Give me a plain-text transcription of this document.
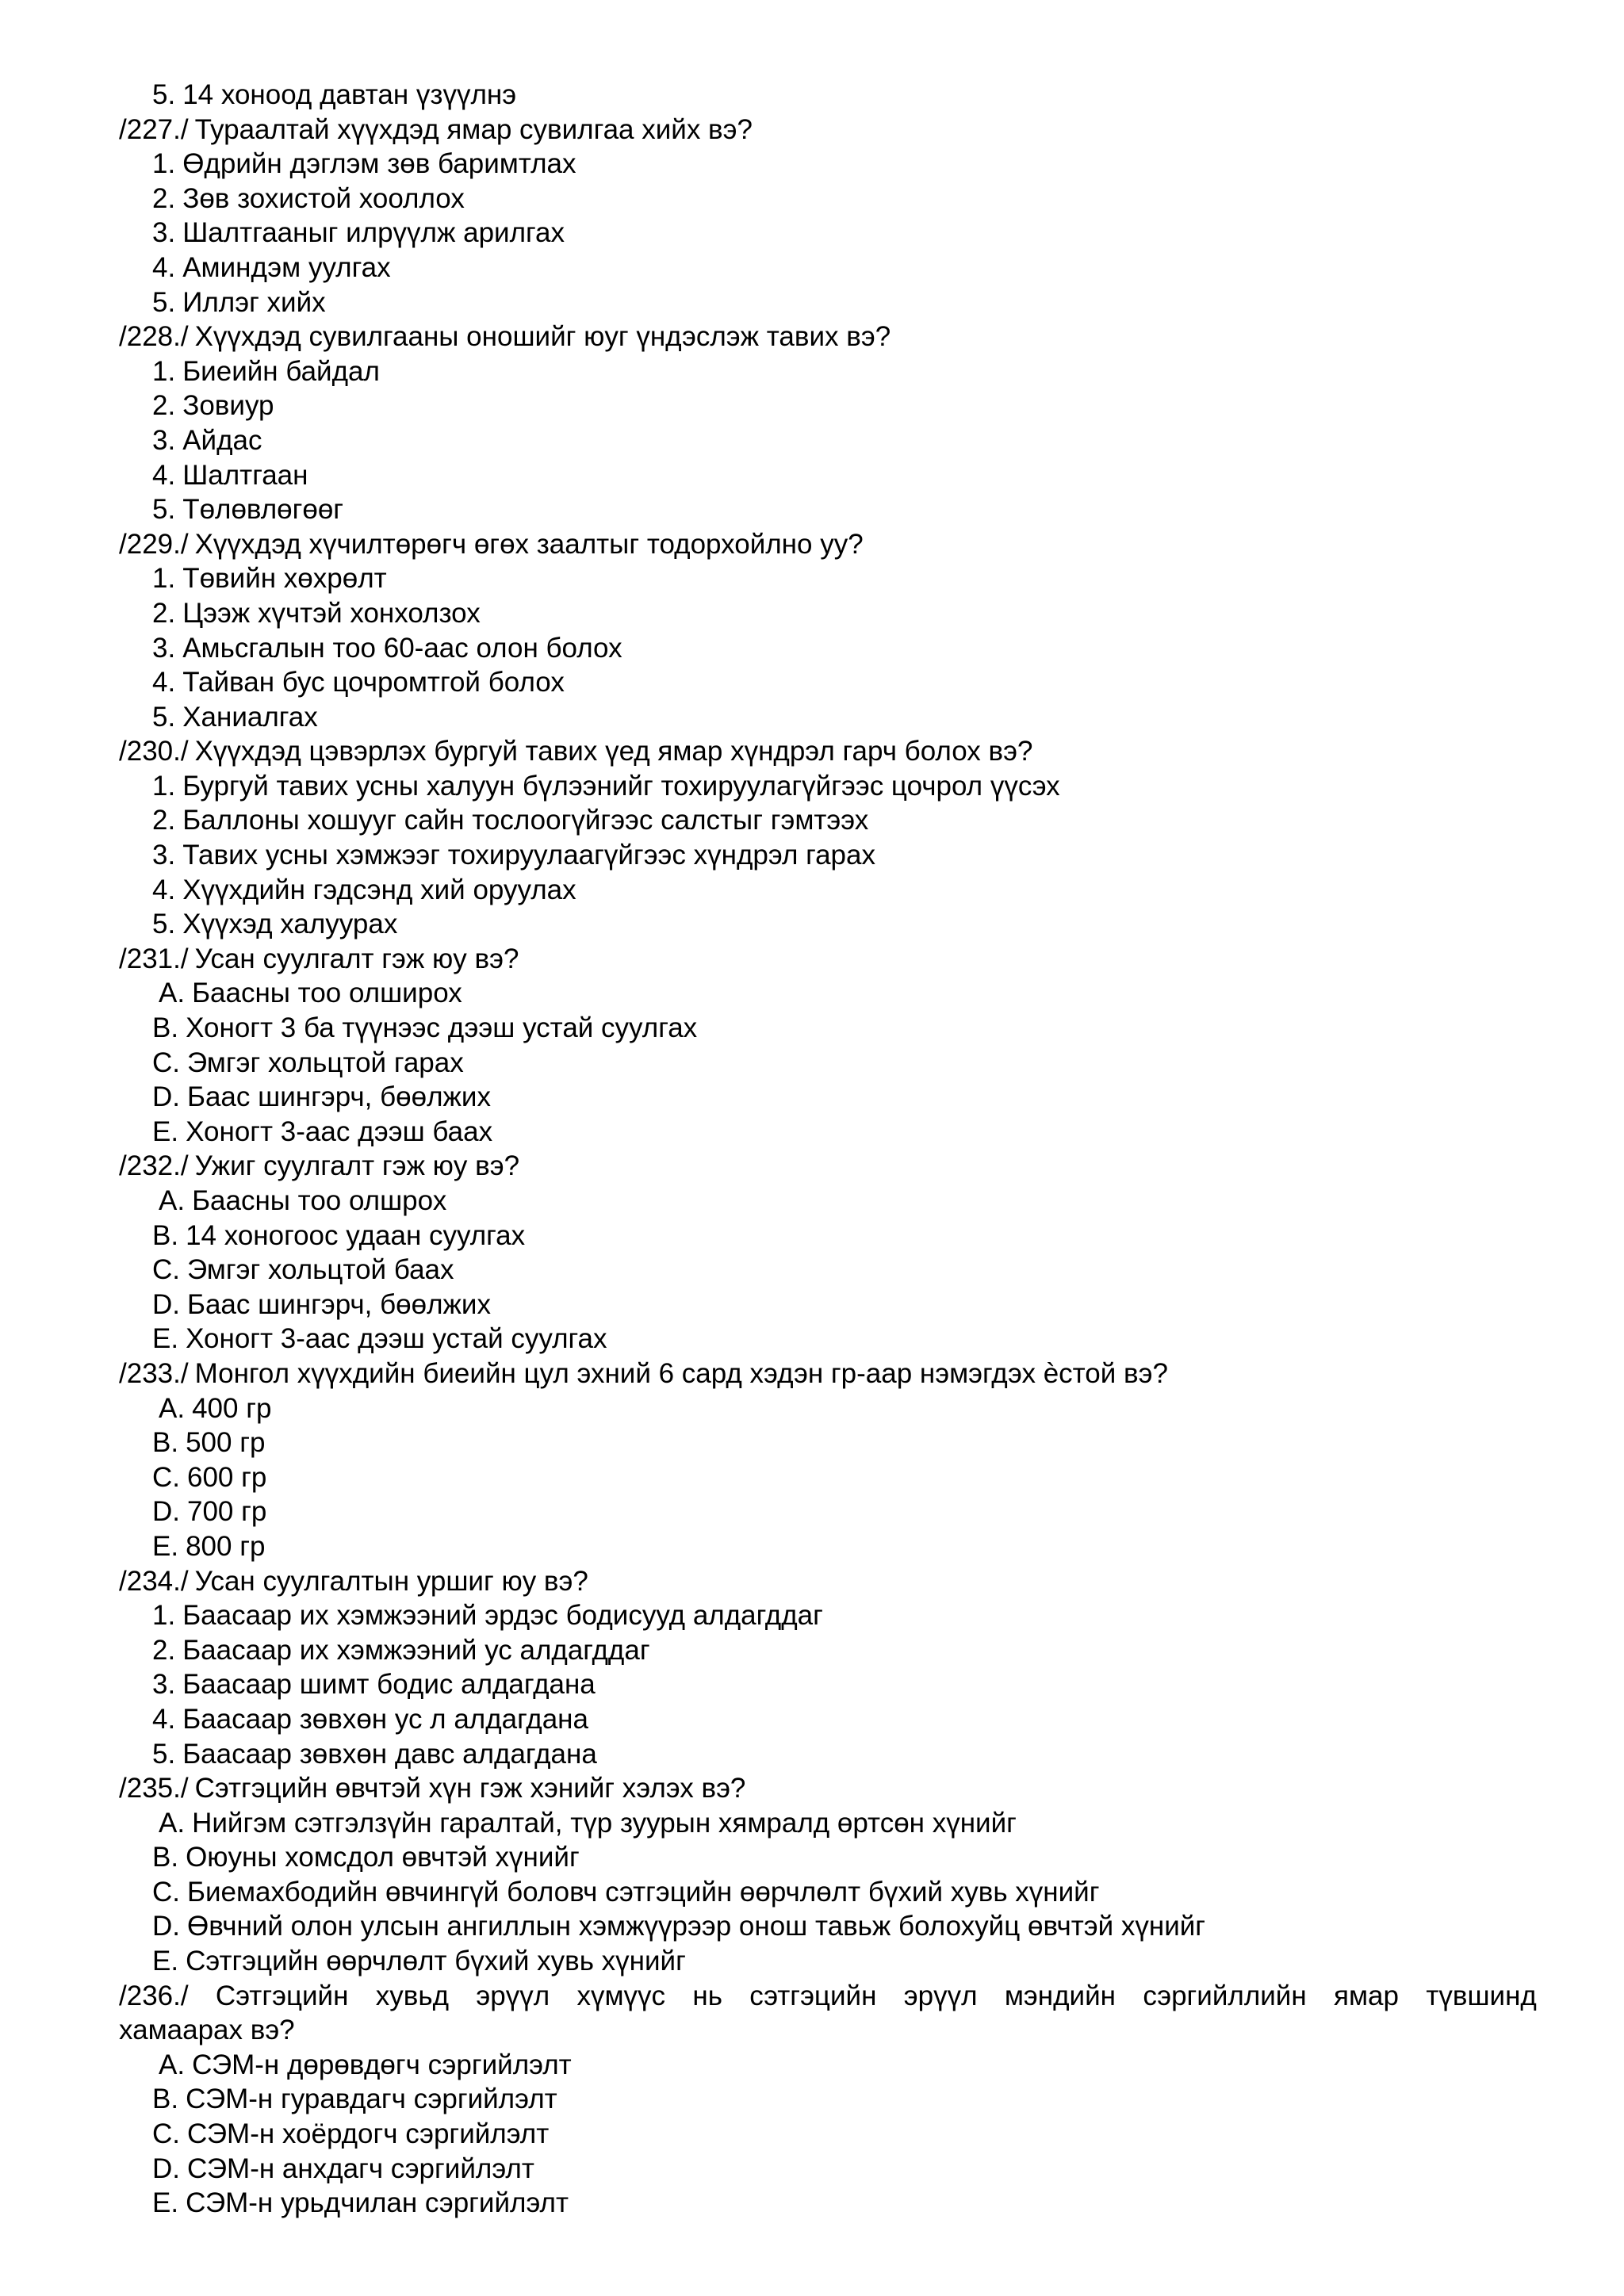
5. 14 хоноод давтан үзүүлнэ
/227./ Тураалтай хүүхдэд ямар сувилгаа хийх вэ?
1. Өдрийн дэглэм зөв баримтлах
2. Зөв зохистой хооллох
3. Шалтгааныг илрүүлж арилгах
4. Аминдэм уулгах
5. Иллэг хийх
/228./ Хүүхдэд сувилгааны оношийг юуг үндэслэж тавих вэ?
1. Биеийн байдал
2. Зовиур
3. Айдас
4. Шалтгаан
5. Төлөвлөгөөг
/229./ Хүүхдэд хүчилтөрөгч өгөх заалтыг тодорхойлно уу?
1. Төвийн хөхрөлт
2. Цээж хүчтэй хонхолзох
3. Амьсгалын тоо 60-аас олон болох
4. Тайван бус цочромтгой болох
5. Ханиалгах
/230./ Хүүхдэд цэвэрлэх бургуй тавих үед ямар хүндрэл гарч болох вэ?
1. Бургуй тавих усны халуун бүлээнийг тохируулагүйгээс цочрол үүсэх
2. Баллоны хошууг сайн тослоогүйгээс салстыг гэмтээх
3. Тавих усны хэмжээг тохируулаагүйгээс хүндрэл гарах
4. Хүүхдийн гэдсэнд хий оруулах
5. Хүүхэд халуурах
/231./ Усан суулгалт гэж юу вэ?
A. Баасны тоо олширох
B. Хоногт 3 ба түүнээс дээш устай суулгах
C. Эмгэг хольцтой гарах
D. Баас шингэрч, бөөлжих
E. Хоногт 3-аас дээш баах
/232./ Ужиг суулгалт гэж юу вэ?
A. Баасны тоо олшрох
B. 14 хоногоос удаан суулгах
C. Эмгэг хольцтой баах
D. Баас шингэрч, бөөлжих
E. Хоногт 3-аас дээш устай суулгах
/233./ Монгол хүүхдийн биеийн цул эхний 6 сард хэдэн гр-аар нэмэгдэх ѐстой вэ?
A. 400 гр
B. 500 гр
C. 600 гр
D. 700 гр
E. 800 гр
/234./ Усан суулгалтын уршиг юу вэ?
1. Баасаар их хэмжээний эрдэс бодисууд алдагддаг
2. Баасаар их хэмжээний ус алдагддаг
3. Баасаар шимт бодис алдагдана
4. Баасаар зөвхөн ус л алдагдана
5. Баасаар зөвхөн давс алдагдана
/235./ Сэтгэцийн өвчтэй хүн гэж хэнийг хэлэх вэ?
A. Нийгэм сэтгэлзүйн гаралтай, түр зуурын хямралд өртсөн хүнийг
B. Оюуны хомсдол өвчтэй хүнийг
C. Биемахбодийн өвчингүй боловч сэтгэцийн өөрчлөлт бүхий хувь хүнийг
D. Өвчний олон улсын ангиллын хэмжүүрээр онош тавьж болохуйц өвчтэй хүнийг
E. Сэтгэцийн өөрчлөлт бүхий хувь хүнийг
/236./ Сэтгэцийн хувьд эрүүл хүмүүс нь сэтгэцийн эрүүл мэндийн сэргийллийн ямар түвшинд
хамаарах вэ?
A. СЭМ-н дөрөвдөгч сэргийлэлт
B. СЭМ-н гуравдагч сэргийлэлт
C. СЭМ-н хоёрдогч сэргийлэлт
D. СЭМ-н анхдагч сэргийлэлт
E. СЭМ-н урьдчилан сэргийлэлт
